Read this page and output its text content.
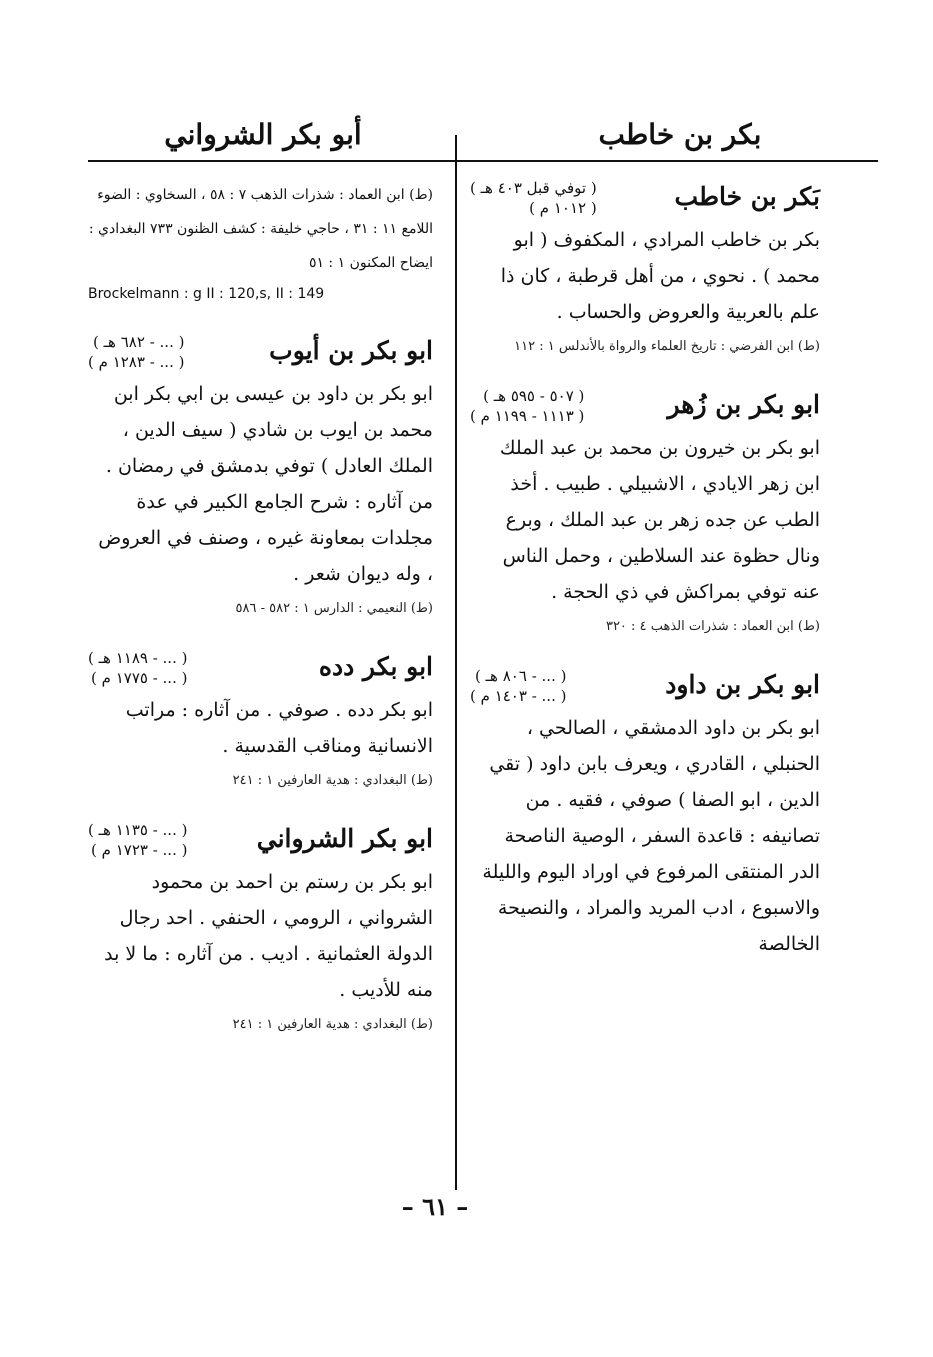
بكر بن خاطب
أبو بكر الشرواني
بَكر بن خاطب
( توفي قبل ٤٠٣ هـ )
( ١٠١٢ م )

بكر بن خاطب المرادي ، المكفوف ( ابو محمد ) . نحوي ، من أهل قرطبة ، كان ذا علم بالعربية والعروض والحساب .

(ط) ابن الفرضي : تاريخ العلماء والرواة بالأندلس ١ : ١١٢

ابو بكر بن زُهر
( ٥٠٧ - ٥٩٥ هـ )
( ١١١٣ - ١١٩٩ م )

ابو بكر بن خيرون بن محمد بن عبد الملك ابن زهر الايادي ، الاشبيلي . طبيب . أخذ الطب عن جده زهر بن عبد الملك ، وبرع ونال حظوة عند السلاطين ، وحمل الناس عنه توفي بمراكش في ذي الحجة .

(ط) ابن العماد : شذرات الذهب ٤ : ٣٢٠

ابو بكر بن داود
( ... - ٨٠٦ هـ )
( ... - ١٤٠٣ م )

ابو بكر بن داود الدمشقي ، الصالحي ، الحنبلي ، القادري ، ويعرف بابن داود ( تقي الدين ، ابو الصفا ) صوفي ، فقيه . من تصانيفه : قاعدة السفر ، الوصية الناصحة الدر المنتقى المرفوع في اوراد اليوم والليلة والاسبوع ، ادب المريد والمراد ، والنصيحة الخالصة

(ط) ابن العماد : شذرات الذهب ٧ : ٥٨ ، السخاوي : الضوء اللامع ١١ : ٣١ ، حاجي خليفة : كشف الظنون ٧٣٣ البغدادي : ايضاح المكنون ١ : ٥١

Brockelmann : g II : 120,s, II : 149

ابو بكر بن أيوب
( ... - ٦٨٢ هـ )
( ... - ١٢٨٣ م )

ابو بكر بن داود بن عيسى بن ابي بكر ابن محمد بن ايوب بن شادي ( سيف الدين ، الملك العادل ) توفي بدمشق في رمضان . من آثاره : شرح الجامع الكبير في عدة مجلدات بمعاونة غيره ، وصنف في العروض ، وله ديوان شعر .

(ط) النعيمي : الدارس ١ : ٥٨٢ - ٥٨٦

ابو بكر دده
( ... - ١١٨٩ هـ )
( ... - ١٧٧٥ م )

ابو بكر دده . صوفي . من آثاره : مراتب الانسانية ومناقب القدسية .

(ط) البغدادي : هدية العارفين ١ : ٢٤١

ابو بكر الشرواني
( ... - ١١٣٥ هـ )
( ... - ١٧٢٣ م )

ابو بكر بن رستم بن احمد بن محمود الشرواني ، الرومي ، الحنفي . احد رجال الدولة العثمانية . اديب . من آثاره : ما لا بد منه للأديب .

(ط) البغدادي : هدية العارفين ١ : ٢٤١

– ٦١ –
